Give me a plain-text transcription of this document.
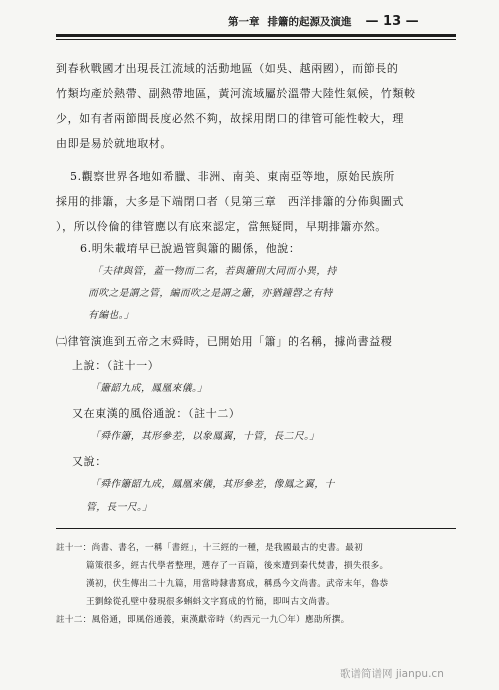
第一章 排簫的起源及演進 — 13 —
到春秋戰國才出現長江流域的活動地區（如吳、越兩國），而節長的
竹類均產於熱帶、副熱帶地區，黃河流域屬於溫帶大陸性氣候，竹類較
少，如有者兩節間長度必然不夠，故採用閉口的律管可能性較大，理
由即是易於就地取材。
5.觀察世界各地如希臘、非洲、南美、東南亞等地，原始民族所
採用的排簫，大多是下端閉口者（見第三章　西洋排簫的分佈與圖式
），所以伶倫的律管應以有底來認定，當無疑問，早期排簫亦然。
6.明朱載堉早已說過管與簫的關係，他說：
「夫律與管，蓋一物而二名，若與簫則大同而小異，持
而吹之是謂之管，編而吹之是謂之簫，亦猶鐘磬之有特
有編也。」
㈡律管演進到五帝之末舜時，已開始用「簫」的名稱，據尚書益稷
上說：（註十一）
「簫韶九成，鳳凰來儀。」
又在東漢的風俗通說：（註十二）
「舜作簫，其形參差，以象鳳翼，十管，長二尺。」
又說：
「舜作簫韶九成，鳳凰來儀，其形參差，像鳳之翼，十
管，長一尺。」
註十一：尚書、書名，一稱「書經」，十三經的一種，是我國最古的史書。最初
篇策很多，經古代學者整理，選存了一百篇，後來遭到秦代焚書，損失很多。
漢初，伏生傳出二十九篇，用當時隸書寫成，稱爲今文尚書。武帝末年，魯恭
王劉餘從孔壁中發現很多蝌蚪文字寫成的竹簡，即叫古文尚書。
註十二：風俗通，即風俗通義，東漢獻帝時（約西元一九〇年）應劭所撰。
歌谱简谱网 jianpu.cn
